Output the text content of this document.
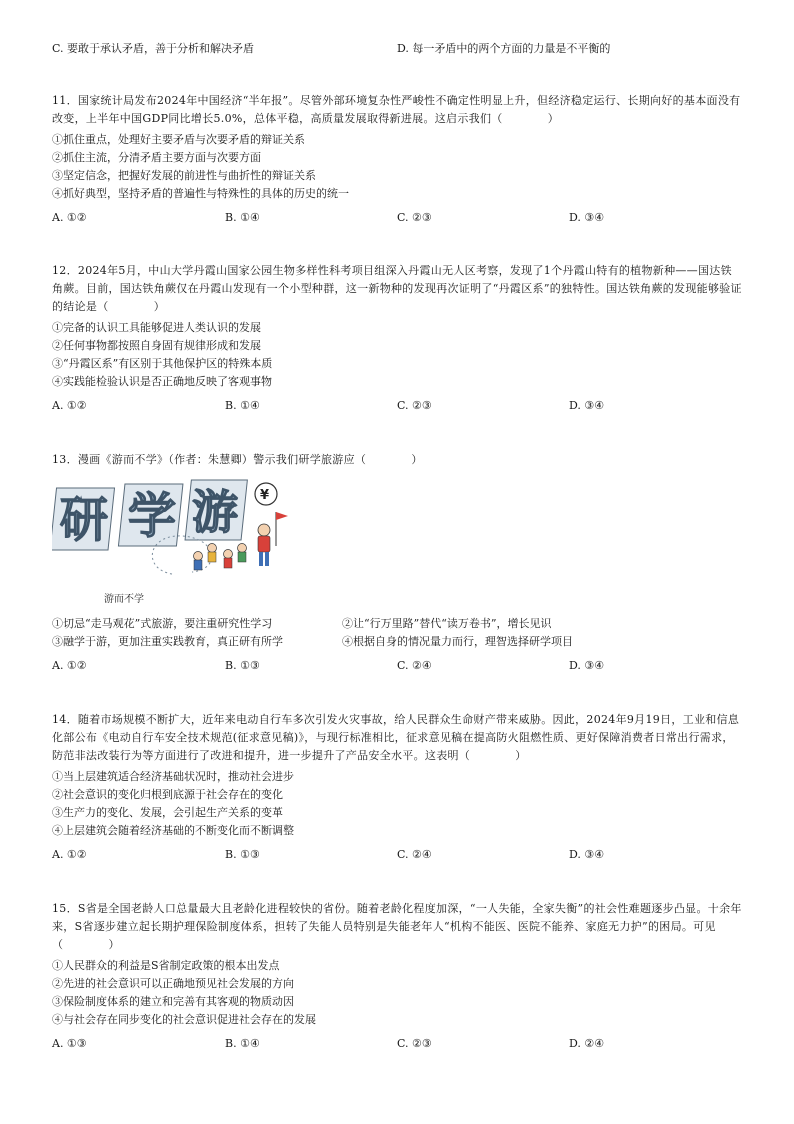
C. 要敢于承认矛盾，善于分析和解决矛盾	D. 每一矛盾中的两个方面的力量是不平衡的
11．国家统计局发布2024年中国经济“半年报”。尽管外部环境复杂性严峻性不确定性明显上升，但经济稳定运行、长期向好的基本面没有改变，上半年中国GDP同比增长5.0%，总体平稳，高质量发展取得新进展。这启示我们（　　　　）
①抓住重点，处理好主要矛盾与次要矛盾的辩证关系
②抓住主流，分清矛盾主要方面与次要方面
③坚定信念，把握好发展的前进性与曲折性的辩证关系
④抓好典型，坚持矛盾的普遍性与特殊性的具体的历史的统一
A. ①②	B. ①④	C. ②③	D. ③④
12．2024年5月，中山大学丹霞山国家公园生物多样性科考项目组深入丹霞山无人区考察，发现了1个丹霞山特有的植物新种——国达铁角蕨。目前，国达铁角蕨仅在丹霞山发现有一个小型种群，这一新物种的发现再次证明了“丹霞区系”的独特性。国达铁角蕨的发现能够验证的结论是（　　　　）
①完备的认识工具能够促进人类认识的发展
②任何事物都按照自身固有规律形成和发展
③“丹霞区系”有区别于其他保护区的特殊本质
④实践能检验认识是否正确地反映了客观事物
A. ①②	B. ①④	C. ②③	D. ③④
13．漫画《游而不学》（作者：朱慧卿）警示我们研学旅游应（　　　　）
研 学 游 ¥
游而不学
①切忌“走马观花”式旅游，要注重研究性学习	②让“行万里路”替代“读万卷书”，增长见识
③融学于游，更加注重实践教育，真正研有所学	④根据自身的情况量力而行，理智选择研学项目
A. ①②	B. ①③	C. ②④	D. ③④
14．随着市场规模不断扩大，近年来电动自行车多次引发火灾事故，给人民群众生命财产带来威胁。因此，2024年9月19日，工业和信息化部公布《电动自行车安全技术规范(征求意见稿)》，与现行标准相比，征求意见稿在提高防火阻燃性质、更好保障消费者日常出行需求，防范非法改装行为等方面进行了改进和提升，进一步提升了产品安全水平。这表明（　　　　）
①当上层建筑适合经济基础状况时，推动社会进步
②社会意识的变化归根到底源于社会存在的变化
③生产力的变化、发展，会引起生产关系的变革
④上层建筑会随着经济基础的不断变化而不断调整
A. ①②	B. ①③	C. ②④	D. ③④
15．S省是全国老龄人口总量最大且老龄化进程较快的省份。随着老龄化程度加深，“一人失能，全家失衡”的社会性难题逐步凸显。十余年来，S省逐步建立起长期护理保险制度体系，担转了失能人员特别是失能老年人“机构不能医、医院不能养、家庭无力护”的困局。可见（　　　　）
①人民群众的利益是S省制定政策的根本出发点
②先进的社会意识可以正确地预见社会发展的方向
③保险制度体系的建立和完善有其客观的物质动因
④与社会存在同步变化的社会意识促进社会存在的发展
A. ①③	B. ①④	C. ②③	D. ②④
